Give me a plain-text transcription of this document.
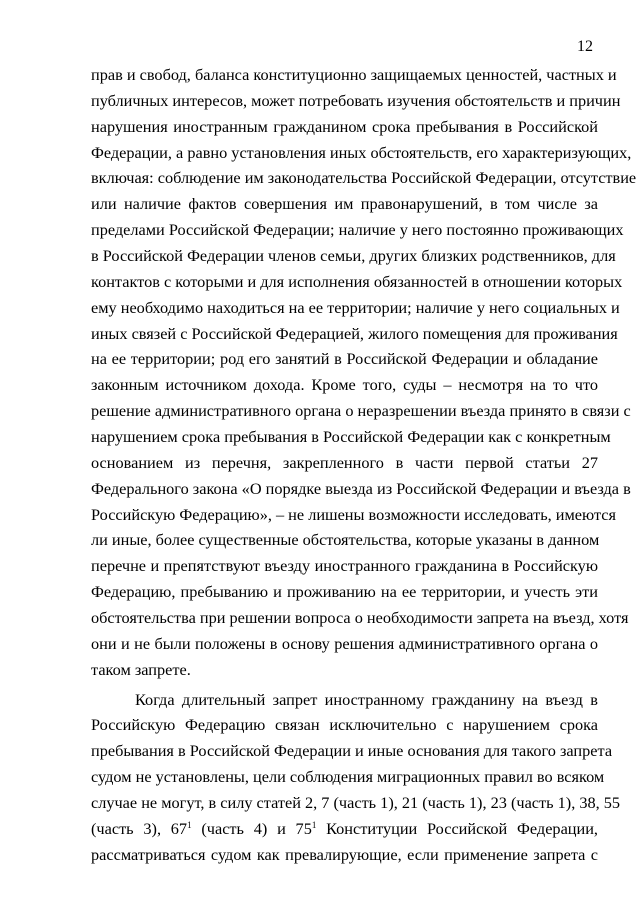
12
прав и свобод, баланса конституционно защищаемых ценностей, частных и
публичных интересов, может потребовать изучения обстоятельств и причин
нарушения иностранным гражданином срока пребывания в Российской
Федерации, а равно установления иных обстоятельств, его характеризующих,
включая: соблюдение им законодательства Российской Федерации, отсутствие
или наличие фактов совершения им правонарушений, в том числе за
пределами Российской Федерации; наличие у него постоянно проживающих
в Российской Федерации членов семьи, других близких родственников, для
контактов с которыми и для исполнения обязанностей в отношении которых
ему необходимо находиться на ее территории; наличие у него социальных и
иных связей с Российской Федерацией, жилого помещения для проживания
на ее территории; род его занятий в Российской Федерации и обладание
законным источником дохода. Кроме того, суды – несмотря на то что
решение административного органа о неразрешении въезда принято в связи с
нарушением срока пребывания в Российской Федерации как с конкретным
основанием из перечня, закрепленного в части первой статьи 27
Федерального закона «О порядке выезда из Российской Федерации и въезда в
Российскую Федерацию», – не лишены возможности исследовать, имеются
ли иные, более существенные обстоятельства, которые указаны в данном
перечне и препятствуют въезду иностранного гражданина в Российскую
Федерацию, пребыванию и проживанию на ее территории, и учесть эти
обстоятельства при решении вопроса о необходимости запрета на въезд, хотя
они и не были положены в основу решения административного органа о
таком запрете.
Когда длительный запрет иностранному гражданину на въезд в
Российскую Федерацию связан исключительно с нарушением срока
пребывания в Российской Федерации и иные основания для такого запрета
судом не установлены, цели соблюдения миграционных правил во всяком
случае не могут, в силу статей 2, 7 (часть 1), 21 (часть 1), 23 (часть 1), 38, 55
(часть 3), $67^1$ (часть 4) и $75^1$ Конституции Российской Федерации,
рассматриваться судом как превалирующие, если применение запрета с
